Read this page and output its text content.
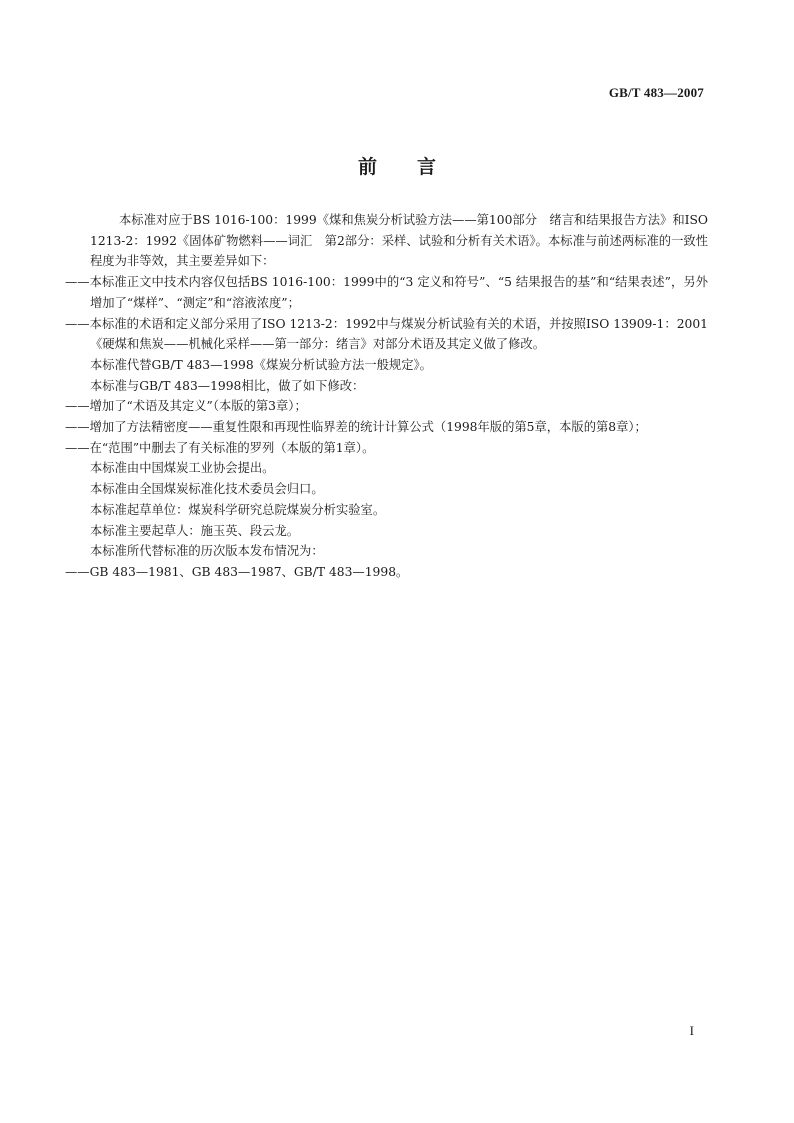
GB/T 483—2007
前言

本标准对应于BS 1016-100：1999《煤和焦炭分析试验方法——第100部分　绪言和结果报告方法》和ISO 1213-2：1992《固体矿物燃料——词汇　第2部分：采样、试验和分析有关术语》。本标准与前述两标准的一致性程度为非等效，其主要差异如下：

——本标准正文中技术内容仅包括BS 1016-100：1999中的“3 定义和符号”、“5 结果报告的基”和“结果表述”，另外增加了“煤样”、“测定”和“溶液浓度”；

——本标准的术语和定义部分采用了ISO 1213-2：1992中与煤炭分析试验有关的术语，并按照ISO 13909-1：2001《硬煤和焦炭——机械化采样——第一部分：绪言》对部分术语及其定义做了修改。

本标准代替GB/T 483—1998《煤炭分析试验方法一般规定》。

本标准与GB/T 483—1998相比，做了如下修改：

——增加了“术语及其定义”（本版的第3章）；

——增加了方法精密度——重复性限和再现性临界差的统计计算公式（1998年版的第5章，本版的第8章）；

——在“范围”中删去了有关标准的罗列（本版的第1章）。

本标准由中国煤炭工业协会提出。

本标准由全国煤炭标准化技术委员会归口。

本标准起草单位：煤炭科学研究总院煤炭分析实验室。

本标准主要起草人：施玉英、段云龙。

本标准所代替标准的历次版本发布情况为：

——GB 483—1981、GB 483—1987、GB/T 483—1998。

I
